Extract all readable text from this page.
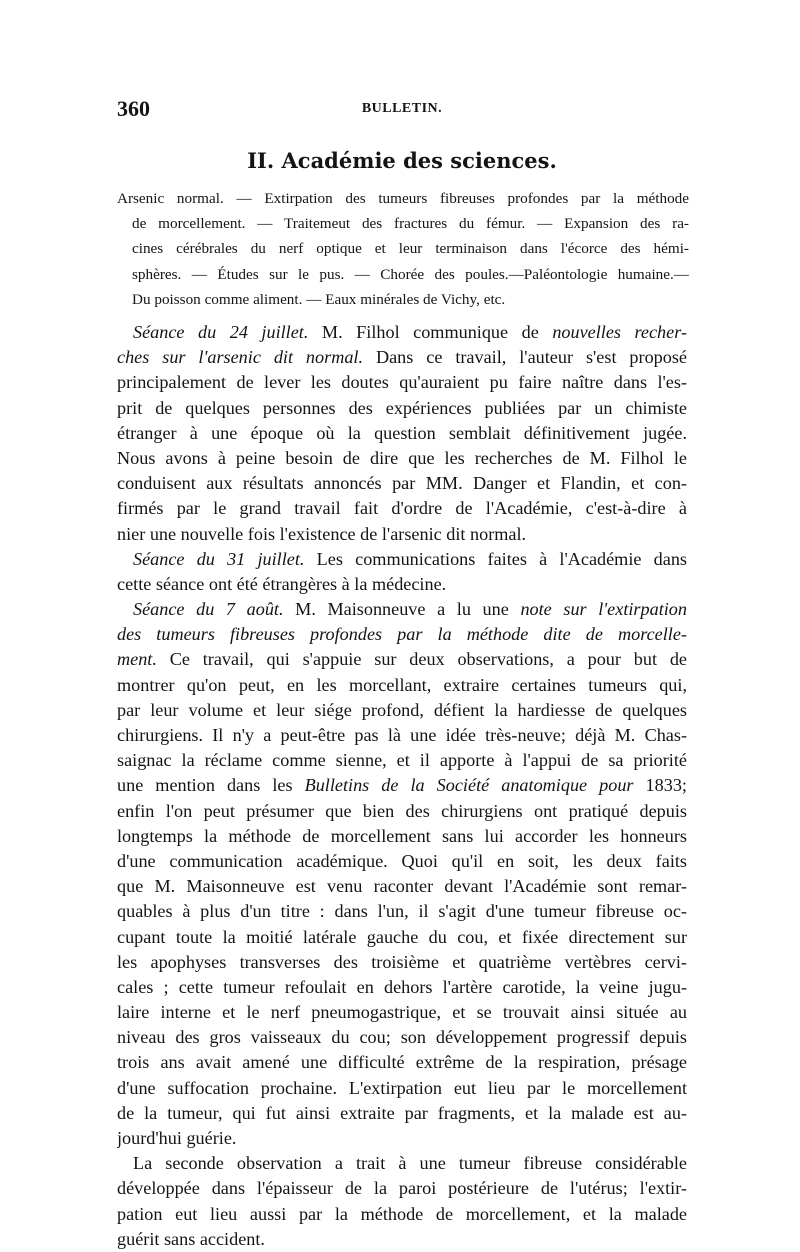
360	BULLETIN.
II. Académie des sciences.
Arsenic normal. — Extirpation des tumeurs fibreuses profondes par la méthode
de morcellement. — Traitemeut des fractures du fémur. — Expansion des ra-
cines cérébrales du nerf optique et leur terminaison dans l'écorce des hémi-
sphères. — Études sur le pus. — Chorée des poules.—Paléontologie humaine.—
Du poisson comme aliment. — Eaux minérales de Vichy, etc.
Séance du 24 juillet. M. Filhol communique de nouvelles recher-
ches sur l'arsenic dit normal. Dans ce travail, l'auteur s'est proposé
principalement de lever les doutes qu'auraient pu faire naître dans l'es-
prit de quelques personnes des expériences publiées par un chimiste
étranger à une époque où la question semblait définitivement jugée.
Nous avons à peine besoin de dire que les recherches de M. Filhol le
conduisent aux résultats annoncés par MM. Danger et Flandin, et con-
firmés par le grand travail fait d'ordre de l'Académie, c'est-à-dire à
nier une nouvelle fois l'existence de l'arsenic dit normal.
Séance du 31 juillet. Les communications faites à l'Académie dans
cette séance ont été étrangères à la médecine.
Séance du 7 août. M. Maisonneuve a lu une note sur l'extirpation
des tumeurs fibreuses profondes par la méthode dite de morcelle-
ment. Ce travail, qui s'appuie sur deux observations, a pour but de
montrer qu'on peut, en les morcellant, extraire certaines tumeurs qui,
par leur volume et leur siége profond, défient la hardiesse de quelques
chirurgiens. Il n'y a peut-être pas là une idée très-neuve; déjà M. Chas-
saignac la réclame comme sienne, et il apporte à l'appui de sa priorité
une mention dans les Bulletins de la Société anatomique pour 1833;
enfin l'on peut présumer que bien des chirurgiens ont pratiqué depuis
longtemps la méthode de morcellement sans lui accorder les honneurs
d'une communication académique. Quoi qu'il en soit, les deux faits
que M. Maisonneuve est venu raconter devant l'Académie sont remar-
quables à plus d'un titre : dans l'un, il s'agit d'une tumeur fibreuse oc-
cupant toute la moitié latérale gauche du cou, et fixée directement sur
les apophyses transverses des troisième et quatrième vertèbres cervi-
cales ; cette tumeur refoulait en dehors l'artère carotide, la veine jugu-
laire interne et le nerf pneumogastrique, et se trouvait ainsi située au
niveau des gros vaisseaux du cou; son développement progressif depuis
trois ans avait amené une difficulté extrême de la respiration, présage
d'une suffocation prochaine. L'extirpation eut lieu par le morcellement
de la tumeur, qui fut ainsi extraite par fragments, et la malade est au-
jourd'hui guérie.
La seconde observation a trait à une tumeur fibreuse considérable
développée dans l'épaisseur de la paroi postérieure de l'utérus; l'extir-
pation eut lieu aussi par la méthode de morcellement, et la malade
guérit sans accident.
